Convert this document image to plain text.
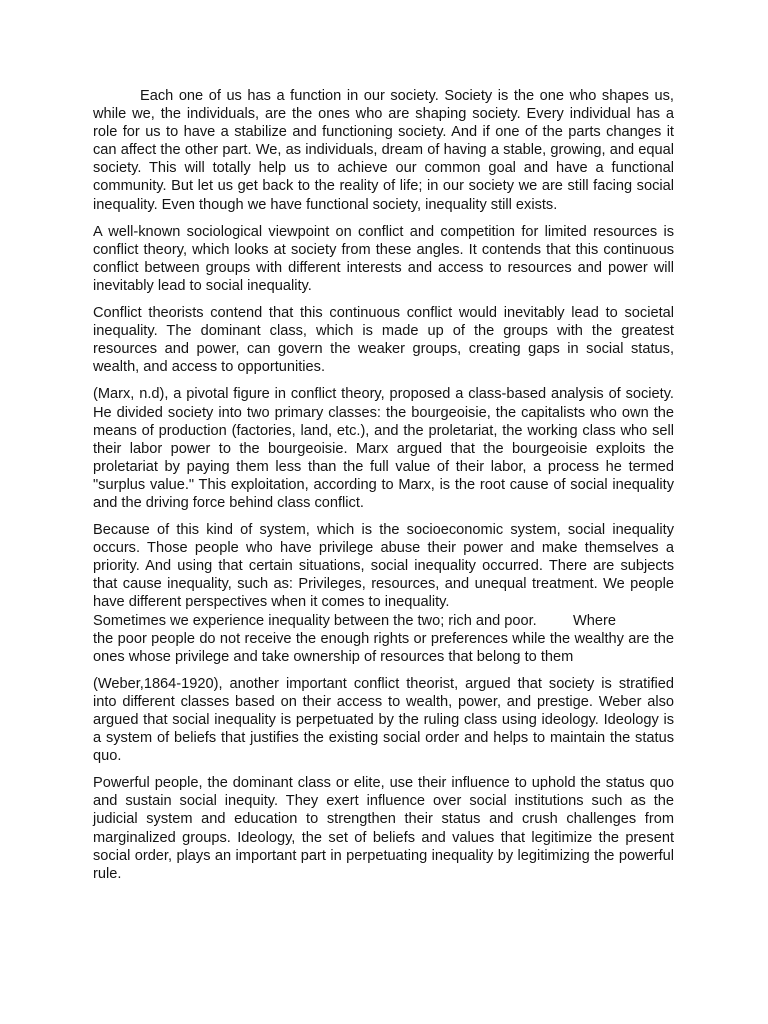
Each one of us has a function in our society. Society is the one who shapes us, while we, the individuals, are the ones who are shaping society. Every individual has a role for us to have a stabilize and functioning society. And if one of the parts changes it can affect the other part. We, as individuals, dream of having a stable, growing, and equal society. This will totally help us to achieve our common goal and have a functional community. But let us get back to the reality of life; in our society we are still facing social inequality. Even though we have functional society, inequality still exists.

A well-known sociological viewpoint on conflict and competition for limited resources is conflict theory, which looks at society from these angles. It contends that this continuous conflict between groups with different interests and access to resources and power will inevitably lead to social inequality.

Conflict theorists contend that this continuous conflict would inevitably lead to societal inequality. The dominant class, which is made up of the groups with the greatest resources and power, can govern the weaker groups, creating gaps in social status, wealth, and access to opportunities.

(Marx, n.d), a pivotal figure in conflict theory, proposed a class-based analysis of society. He divided society into two primary classes: the bourgeoisie, the capitalists who own the means of production (factories, land, etc.), and the proletariat, the working class who sell their labor power to the bourgeoisie. Marx argued that the bourgeoisie exploits the proletariat by paying them less than the full value of their labor, a process he termed "surplus value." This exploitation, according to Marx, is the root cause of social inequality and the driving force behind class conflict.

Because of this kind of system, which is the socioeconomic system, social inequality occurs. Those people who have privilege abuse their power and make themselves a priority. And using that certain situations, social inequality occurred. There are subjects that cause inequality, such as: Privileges, resources, and unequal treatment. We people have different perspectives when it comes to inequality.
Sometimes we experience inequality between the two; rich and poor. Where
the poor people do not receive the enough rights or preferences while the wealthy are the ones whose privilege and take ownership of resources that belong to them

(Weber,1864-1920), another important conflict theorist, argued that society is stratified into different classes based on their access to wealth, power, and prestige. Weber also argued that social inequality is perpetuated by the ruling class using ideology. Ideology is a system of beliefs that justifies the existing social order and helps to maintain the status quo.

Powerful people, the dominant class or elite, use their influence to uphold the status quo and sustain social inequity. They exert influence over social institutions such as the judicial system and education to strengthen their status and crush challenges from marginalized groups. Ideology, the set of beliefs and values that legitimize the present social order, plays an important part in perpetuating inequality by legitimizing the powerful rule.
